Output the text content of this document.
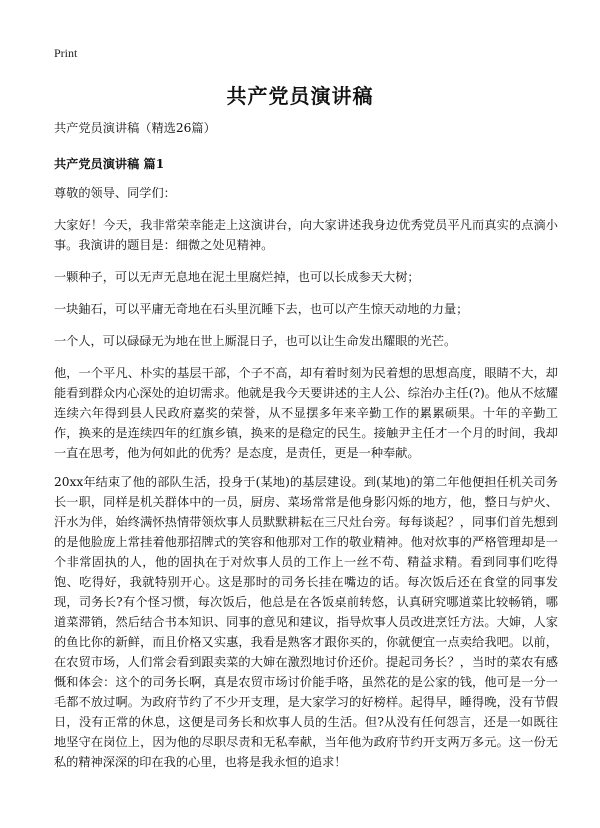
Print
共产党员演讲稿

共产党员演讲稿（精选26篇）

共产党员演讲稿 篇1

尊敬的领导、同学们：

大家好！今天，我非常荣幸能走上这演讲台，向大家讲述我身边优秀党员平凡而真实的点滴小事。我演讲的题目是：细微之处见精神。

一颗种子，可以无声无息地在泥土里腐烂掉，也可以长成参天大树；

一块鈾石，可以平庸无奇地在石头里沉睡下去，也可以产生惊天动地的力量；

一个人，可以碌碌无为地在世上厮混日子，也可以让生命发出耀眼的光芒。

他，一个平凡、朴实的基层干部，个子不高，却有着时刻为民着想的思想高度，眼睛不大，却能看到群众内心深处的迫切需求。他就是我今天要讲述的主人公、综治办主任(?)。他从不炫耀连续六年得到县人民政府嘉奖的荣誉，从不显摆多年来辛勤工作的累累硕果。十年的辛勤工作，换来的是连续四年的红旗乡镇，换来的是稳定的民生。接触尹主任才一个月的时间，我却一直在思考，他为何如此的优秀？是态度，是责任，更是一种奉献。

20xx年结束了他的部队生活，投身于(某地)的基层建设。到(某地)的第二年他便担任机关司务长一职，同样是机关群体中的一员，厨房、菜场常常是他身影闪烁的地方，他，整日与炉火、汗水为伴，始终满怀热情带领炊事人员默默耕耘在三尺灶台旁。每每谈起？，同事们首先想到的是他脸庞上常挂着他那招牌式的笑容和他那对工作的敬业精神。他对炊事的严格管理却是一个非常固执的人，他的固执在于对炊事人员的工作上一丝不苟、精益求精。看到同事们吃得饱、吃得好，我就特别开心。这是那时的司务长挂在嘴边的话。每次饭后还在食堂的同事发现，司务长?有个怪习惯，每次饭后，他总是在各饭桌前转悠，认真研究哪道菜比较畅销，哪道菜滞销，然后结合书本知识、同事的意见和建议，指导炊事人员改进烹饪方法。大婶，人家的鱼比你的新鲜，而且价格又实惠，我看是熟客才跟你买的，你就便宜一点卖给我吧。以前，在农贸市场，人们常会看到跟卖菜的大婶在激烈地讨价还价。提起司务长？，当时的菜农有感慨和体会：这个的司务长啊，真是农贸市场讨价能手咯，虽然花的是公家的钱，他可是一分一毛都不放过啊。为政府节约了不少开支理，是大家学习的好榜样。起得早，睡得晚，没有节假日，没有正常的休息，这便是司务长和炊事人员的生活。但?从没有任何怨言，还是一如既往地坚守在岗位上，因为他的尽职尽责和无私奉献，当年他为政府节约开支两万多元。这一份无私的精神深深的印在我的心里，也将是我永恒的追求！
